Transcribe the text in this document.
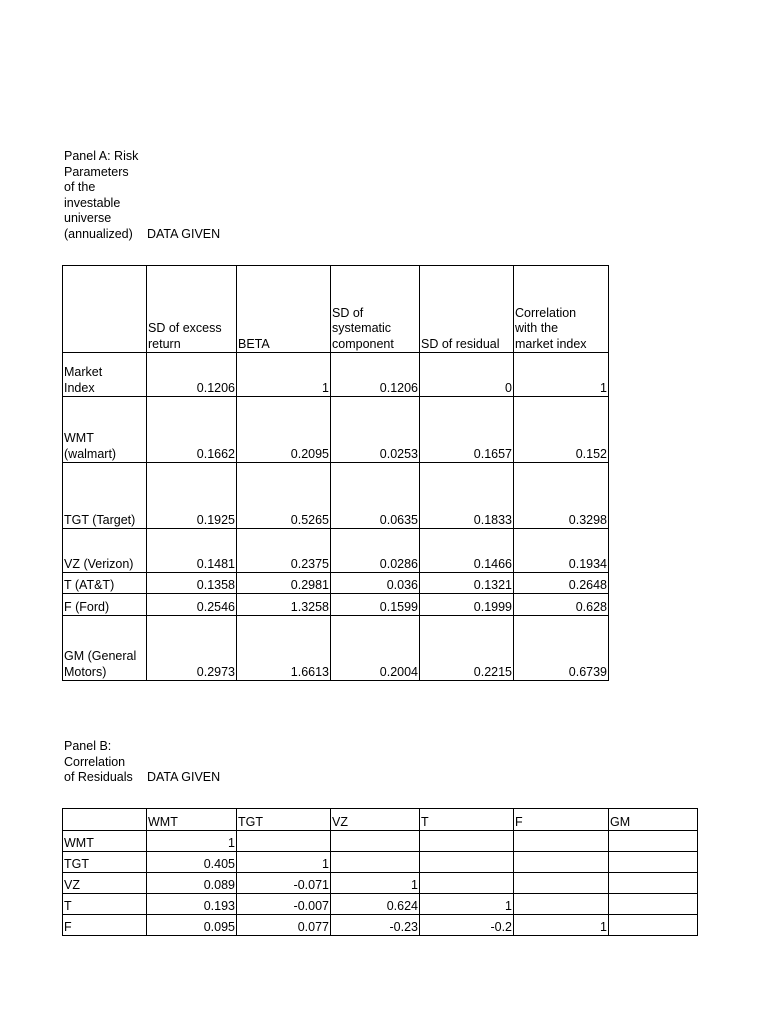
Panel A: Risk
Parameters
of the
investable
universe
(annualized)	DATA GIVEN
	SD of excess
return	BETA	SD of
systematic
component	SD of residual	Correlation
with the
market index
Market
Index	0.1206	1	0.1206	0	1
WMT
(walmart)	0.1662	0.2095	0.0253	0.1657	0.152
TGT (Target)	0.1925	0.5265	0.0635	0.1833	0.3298
VZ (Verizon)	0.1481	0.2375	0.0286	0.1466	0.1934
T (AT&T)	0.1358	0.2981	0.036	0.1321	0.2648
F (Ford)	0.2546	1.3258	0.1599	0.1999	0.628
GM (General
Motors)	0.2973	1.6613	0.2004	0.2215	0.6739
Panel B:
Correlation
of Residuals	DATA GIVEN
	WMT	TGT	VZ	T	F	GM
WMT	1					
TGT	0.405	1				
VZ	0.089	-0.071	1			
T	0.193	-0.007	0.624	1		
F	0.095	0.077	-0.23	-0.2	1	
